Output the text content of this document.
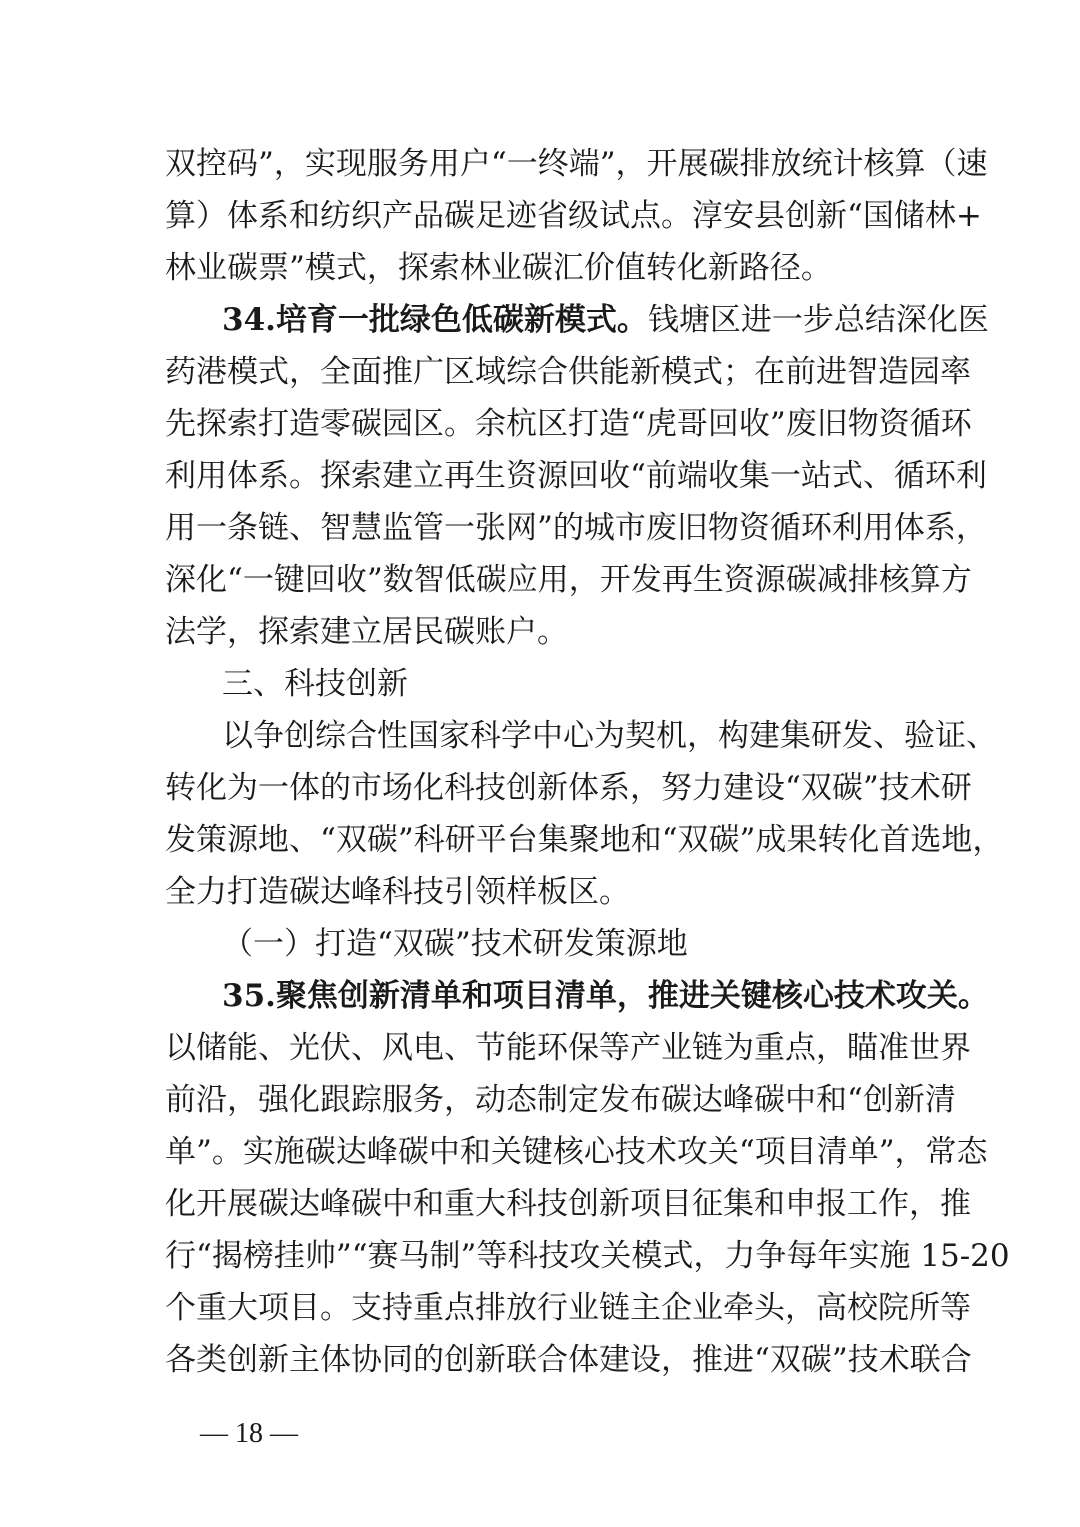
双控码”，实现服务用户“一终端”，开展碳排放统计核算（速
算）体系和纺织产品碳足迹省级试点。淳安县创新“国储林+
林业碳票”模式，探索林业碳汇价值转化新路径。
34.培育一批绿色低碳新模式。钱塘区进一步总结深化医
药港模式，全面推广区域综合供能新模式；在前进智造园率
先探索打造零碳园区。余杭区打造“虎哥回收”废旧物资循环
利用体系。探索建立再生资源回收“前端收集一站式、循环利
用一条链、智慧监管一张网”的城市废旧物资循环利用体系，
深化“一键回收”数智低碳应用，开发再生资源碳减排核算方
法学，探索建立居民碳账户。
三、科技创新
以争创综合性国家科学中心为契机，构建集研发、验证、
转化为一体的市场化科技创新体系，努力建设“双碳”技术研
发策源地、“双碳”科研平台集聚地和“双碳”成果转化首选地，
全力打造碳达峰科技引领样板区。
（一）打造“双碳”技术研发策源地
35.聚焦创新清单和项目清单，推进关键核心技术攻关。
以储能、光伏、风电、节能环保等产业链为重点，瞄准世界
前沿，强化跟踪服务，动态制定发布碳达峰碳中和“创新清
单”。实施碳达峰碳中和关键核心技术攻关“项目清单”，常态
化开展碳达峰碳中和重大科技创新项目征集和申报工作，推
行“揭榜挂帅”“赛马制”等科技攻关模式，力争每年实施 15-20
个重大项目。支持重点排放行业链主企业牵头，高校院所等
各类创新主体协同的创新联合体建设，推进“双碳”技术联合
— 18 —
